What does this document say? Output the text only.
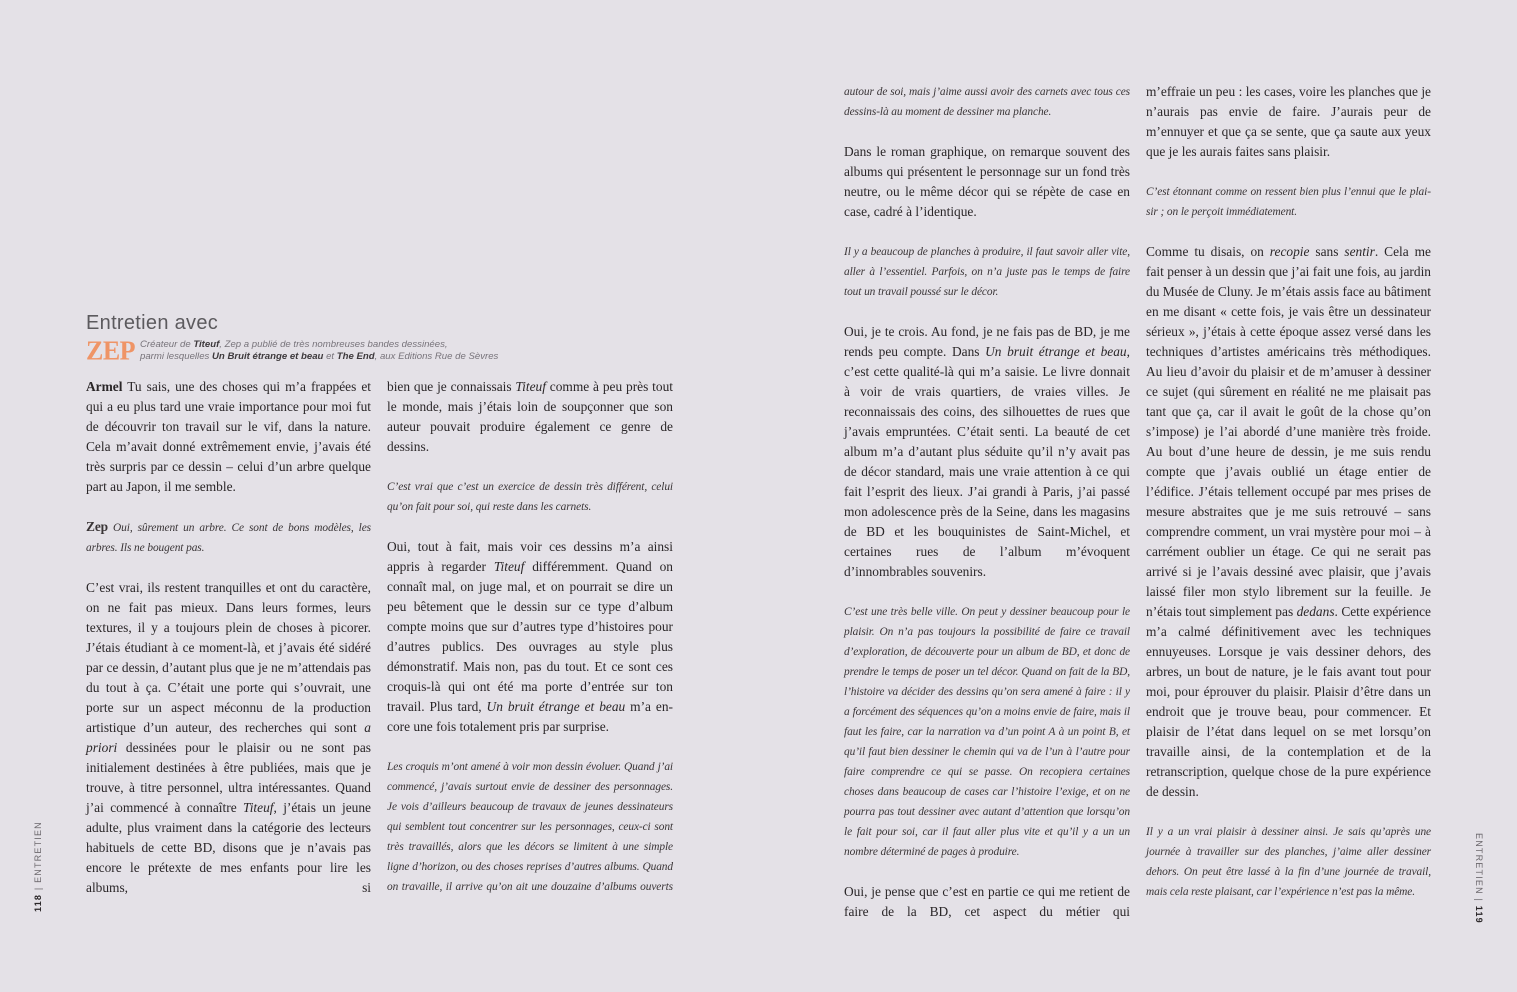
Entretien avec
ZEP Créateur de Titeuf, Zep a publié de très nombreuses bandes dessinées,
parmi lesquelles Un Bruit étrange et beau et The End, aux Editions Rue de Sèvres

Armel Tu sais, une des choses qui m’a frappées et qui a eu plus tard une vraie importance pour moi fut de découvrir ton travail sur le vif, dans la nature. Cela m’avait donné extrêmement envie, j’avais été très surpris par ce dessin – celui d’un arbre quelque part au Japon, il me semble.

Zep Oui, sûrement un arbre. Ce sont de bons modèles, les arbres. Ils ne bougent pas.

C’est vrai, ils restent tranquilles et ont du caractère, on ne fait pas mieux. Dans leurs formes, leurs textures, il y a toujours plein de choses à picorer. J’étais étudiant à ce moment-là, et j’avais été sidéré par ce dessin, d’autant plus que je ne m’attendais pas du tout à ça. C’était une porte qui s’ouvrait, une porte sur un aspect méconnu de la production artistique d’un auteur, des recherches qui sont a priori dessinées pour le plaisir ou ne sont pas initialement destinées à être publiées, mais que je trouve, à titre personnel, ultra intéressantes. Quand j’ai commencé à connaître Titeuf, j’étais un jeune adulte, plus vraiment dans la catégorie des lecteurs habituels de cette BD, disons que je n’avais pas encore le prétexte de mes enfants pour lire les albums, si

bien que je connaissais Titeuf comme à peu près tout le monde, mais j’étais loin de soupçonner que son auteur pouvait produire également ce genre de dessins.

C’est vrai que c’est un exercice de dessin très différent, celui qu’on fait pour soi, qui reste dans les carnets.

Oui, tout à fait, mais voir ces dessins m’a ainsi appris à regarder Titeuf différemment. Quand on connaît mal, on juge mal, et on pourrait se dire un peu bêtement que le dessin sur ce type d’album compte moins que sur d’autres type d’histoires pour d’autres publics. Des ouvrages au style plus démonstratif. Mais non, pas du tout. Et ce sont ces croquis-là qui ont été ma porte d’entrée sur ton travail. Plus tard, Un bruit étrange et beau m’a encore une fois totalement pris par surprise.

Les croquis m’ont amené à voir mon dessin évoluer. Quand j’ai commencé, j’avais surtout envie de dessiner des personnages. Je vois d’ailleurs beaucoup de travaux de jeunes dessinateurs qui semblent tout concentrer sur les personnages, ceux-ci sont très travaillés, alors que les décors se limitent à une simple ligne d’horizon, ou des choses reprises d’autres albums. Quand on travaille, il arrive qu’on ait une douzaine d’albums ouverts

autour de soi, mais j’aime aussi avoir des carnets avec tous ces dessins-là au moment de dessiner ma planche.

Dans le roman graphique, on remarque souvent des albums qui présentent le personnage sur un fond très neutre, ou le même décor qui se répète de case en case, cadré à l’identique.

Il y a beaucoup de planches à produire, il faut savoir aller vite, aller à l’essentiel. Parfois, on n’a juste pas le temps de faire tout un travail poussé sur le décor.

Oui, je te crois. Au fond, je ne fais pas de BD, je me rends peu compte. Dans Un bruit étrange et beau, c’est cette qualité-là qui m’a saisie. Le livre donnait à voir de vrais quartiers, de vraies villes. Je reconnaissais des coins, des silhouettes de rues que j’avais empruntées. C’était senti. La beauté de cet album m’a d’autant plus séduite qu’il n’y avait pas de décor standard, mais une vraie attention à ce qui fait l’esprit des lieux. J’ai grandi à Paris, j’ai passé mon adolescence près de la Seine, dans les magasins de BD et les bouquinistes de Saint-Michel, et certaines rues de l’album m’évoquent d’innombrables souvenirs.

C’est une très belle ville. On peut y dessiner beaucoup pour le plaisir. On n’a pas toujours la possibilité de faire ce travail d’exploration, de découverte pour un album de BD, et donc de prendre le temps de poser un tel décor. Quand on fait de la BD, l’histoire va décider des dessins qu’on sera amené à faire : il y a forcément des séquences qu’on a moins envie de faire, mais il faut les faire, car la narration va d’un point A à un point B, et qu’il faut bien dessiner le chemin qui va de l’un à l’autre pour faire comprendre ce qui se passe. On recopiera certaines choses dans beaucoup de cases car l’histoire l’exige, et on ne pourra pas tout dessiner avec autant d’attention que lorsqu’on le fait pour soi, car il faut aller plus vite et qu’il y a un un nombre déterminé de pages à produire.

Oui, je pense que c’est en partie ce qui me retient de faire de la BD, cet aspect du métier qui

m’effraie un peu : les cases, voire les planches que je n’aurais pas envie de faire. J’aurais peur de m’ennuyer et que ça se sente, que ça saute aux yeux que je les aurais faites sans plaisir.

C’est étonnant comme on ressent bien plus l’ennui que le plaisir ; on le perçoit immédiatement.

Comme tu disais, on recopie sans sentir. Cela me fait penser à un dessin que j’ai fait une fois, au jardin du Musée de Cluny. Je m’étais assis face au bâtiment en me disant « cette fois, je vais être un dessinateur sérieux », j’étais à cette époque assez versé dans les techniques d’artistes américains très méthodiques. Au lieu d’avoir du plaisir et de m’amuser à dessiner ce sujet (qui sûrement en réalité ne me plaisait pas tant que ça, car il avait le goût de la chose qu’on s’impose) je l’ai abordé d’une manière très froide. Au bout d’une heure de dessin, je me suis rendu compte que j’avais oublié un étage entier de l’édifice. J’étais tellement occupé par mes prises de mesure abstraites que je me suis retrouvé – sans comprendre comment, un vrai mystère pour moi – à carrément oublier un étage. Ce qui ne serait pas arrivé si je l’avais dessiné avec plaisir, que j’avais laissé filer mon stylo librement sur la feuille. Je n’étais tout simplement pas dedans. Cette expérience m’a calmé définitivement avec les techniques ennuyeuses. Lorsque je vais dessiner dehors, des arbres, un bout de nature, je le fais avant tout pour moi, pour éprouver du plaisir. Plaisir d’être dans un endroit que je trouve beau, pour commencer. Et plaisir de l’état dans lequel on se met lorsqu’on travaille ainsi, de la contemplation et de la retranscription, quelque chose de la pure expérience de dessin.

Il y a un vrai plaisir à dessiner ainsi. Je sais qu’après une journée à travailler sur des planches, j’aime aller dessiner dehors. On peut être lassé à la fin d’une journée de travail, mais cela reste plaisant, car l’expérience n’est pas la même.

118 | ENTRETIEN	ENTRETIEN | 119
